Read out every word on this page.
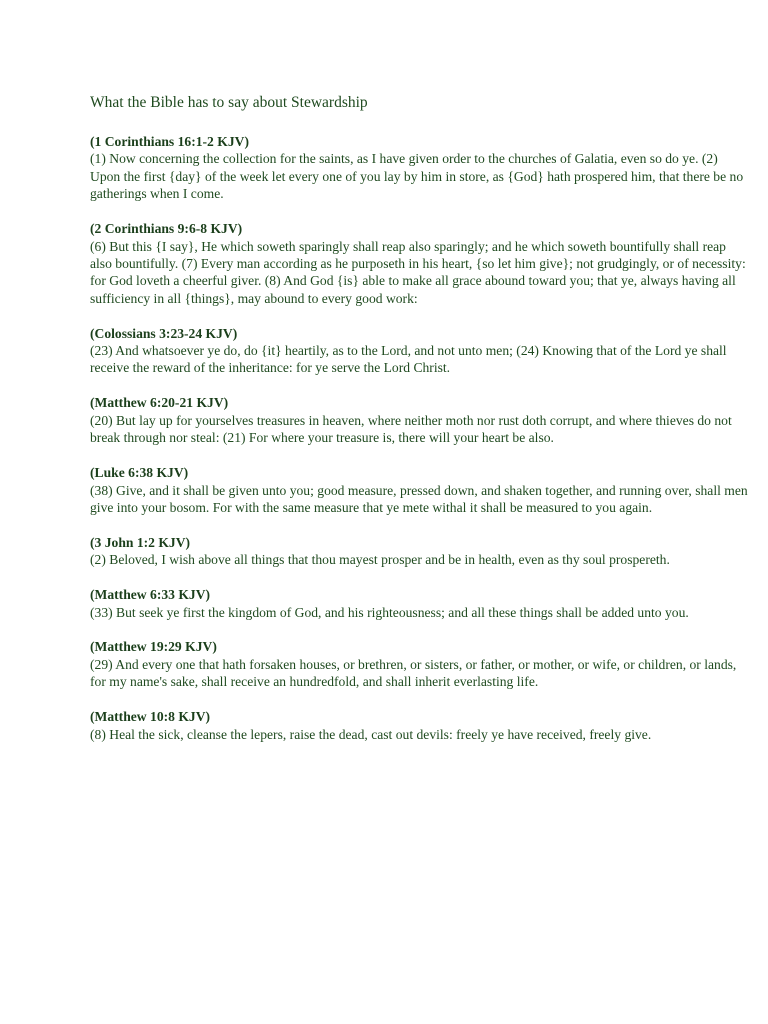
What the Bible has to say about Stewardship
(1 Corinthians 16:1-2 KJV)
(1) Now concerning the collection for the saints, as I have given order to the churches of Galatia, even so do ye. (2) Upon the first {day} of the week let every one of you lay by him in store, as {God} hath prospered him, that there be no gatherings when I come.
(2 Corinthians 9:6-8 KJV)
(6) But this {I say}, He which soweth sparingly shall reap also sparingly; and he which soweth bountifully shall reap also bountifully. (7) Every man according as he purposeth in his heart, {so let him give}; not grudgingly, or of necessity: for God loveth a cheerful giver. (8) And God {is} able to make all grace abound toward you; that ye, always having all sufficiency in all {things}, may abound to every good work:
(Colossians 3:23-24 KJV)
(23) And whatsoever ye do, do {it} heartily, as to the Lord, and not unto men; (24) Knowing that of the Lord ye shall receive the reward of the inheritance: for ye serve the Lord Christ.
(Matthew 6:20-21 KJV)
(20) But lay up for yourselves treasures in heaven, where neither moth nor rust doth corrupt, and where thieves do not break through nor steal: (21) For where your treasure is, there will your heart be also.
(Luke 6:38 KJV)
(38) Give, and it shall be given unto you; good measure, pressed down, and shaken together, and running over, shall men give into your bosom. For with the same measure that ye mete withal it shall be measured to you again.
(3 John 1:2 KJV)
(2) Beloved, I wish above all things that thou mayest prosper and be in health, even as thy soul prospereth.
(Matthew 6:33 KJV)
(33) But seek ye first the kingdom of God, and his righteousness; and all these things shall be added unto you.
(Matthew 19:29 KJV)
(29) And every one that hath forsaken houses, or brethren, or sisters, or father, or mother, or wife, or children, or lands, for my name's sake, shall receive an hundredfold, and shall inherit everlasting life.
(Matthew 10:8 KJV)
(8) Heal the sick, cleanse the lepers, raise the dead, cast out devils: freely ye have received, freely give.
